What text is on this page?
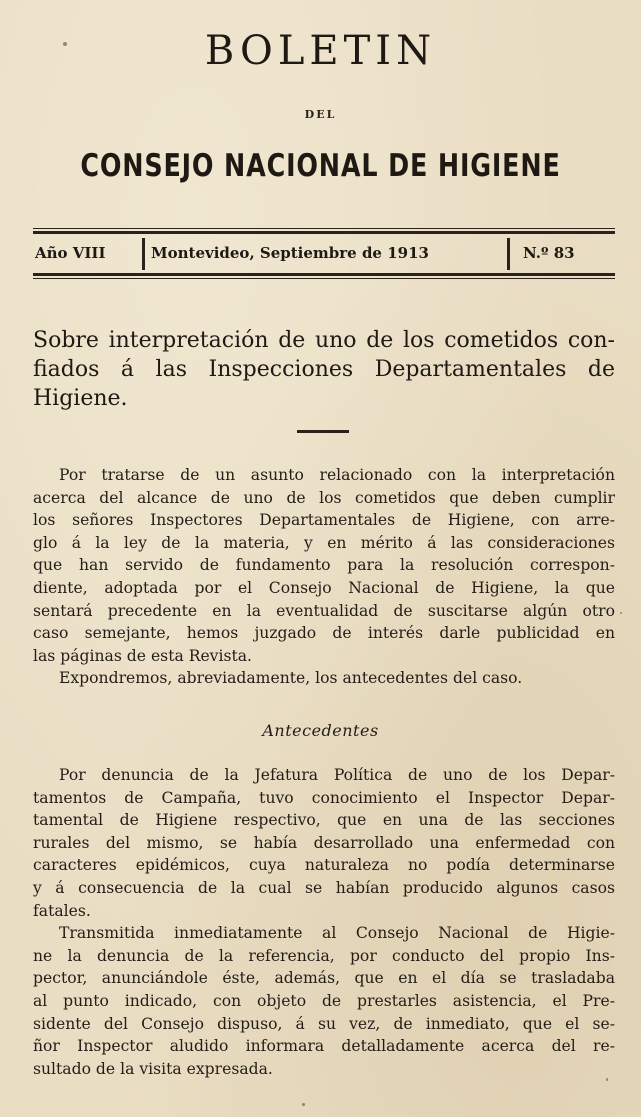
BOLETIN
DEL
CONSEJO NACIONAL DE HIGIENE
Año VIII	Montevideo, Septiembre de 1913	N.º 83
Sobre interpretación de uno de los cometidos con-
fiados á las Inspecciones Departamentales de
Higiene.
Por tratarse de un asunto relacionado con la interpretación
acerca del alcance de uno de los cometidos que deben cumplir
los señores Inspectores Departamentales de Higiene, con arre-
glo á la ley de la materia, y en mérito á las consideraciones
que han servido de fundamento para la resolución correspon-
diente, adoptada por el Consejo Nacional de Higiene, la que
sentará precedente en la eventualidad de suscitarse algún otro
caso semejante, hemos juzgado de interés darle publicidad en
las páginas de esta Revista.
Expondremos, abreviadamente, los antecedentes del caso.
Antecedentes
Por denuncia de la Jefatura Política de uno de los Depar-
tamentos de Campaña, tuvo conocimiento el Inspector Depar-
tamental de Higiene respectivo, que en una de las secciones
rurales del mismo, se había desarrollado una enfermedad con
caracteres epidémicos, cuya naturaleza no podía determinarse
y á consecuencia de la cual se habían producido algunos casos
fatales.
Transmitida inmediatamente al Consejo Nacional de Higie-
ne la denuncia de la referencia, por conducto del propio Ins-
pector, anunciándole éste, además, que en el día se trasladaba
al punto indicado, con objeto de prestarles asistencia, el Pre-
sidente del Consejo dispuso, á su vez, de inmediato, que el se-
ñor Inspector aludido informara detalladamente acerca del re-
sultado de la visita expresada.
